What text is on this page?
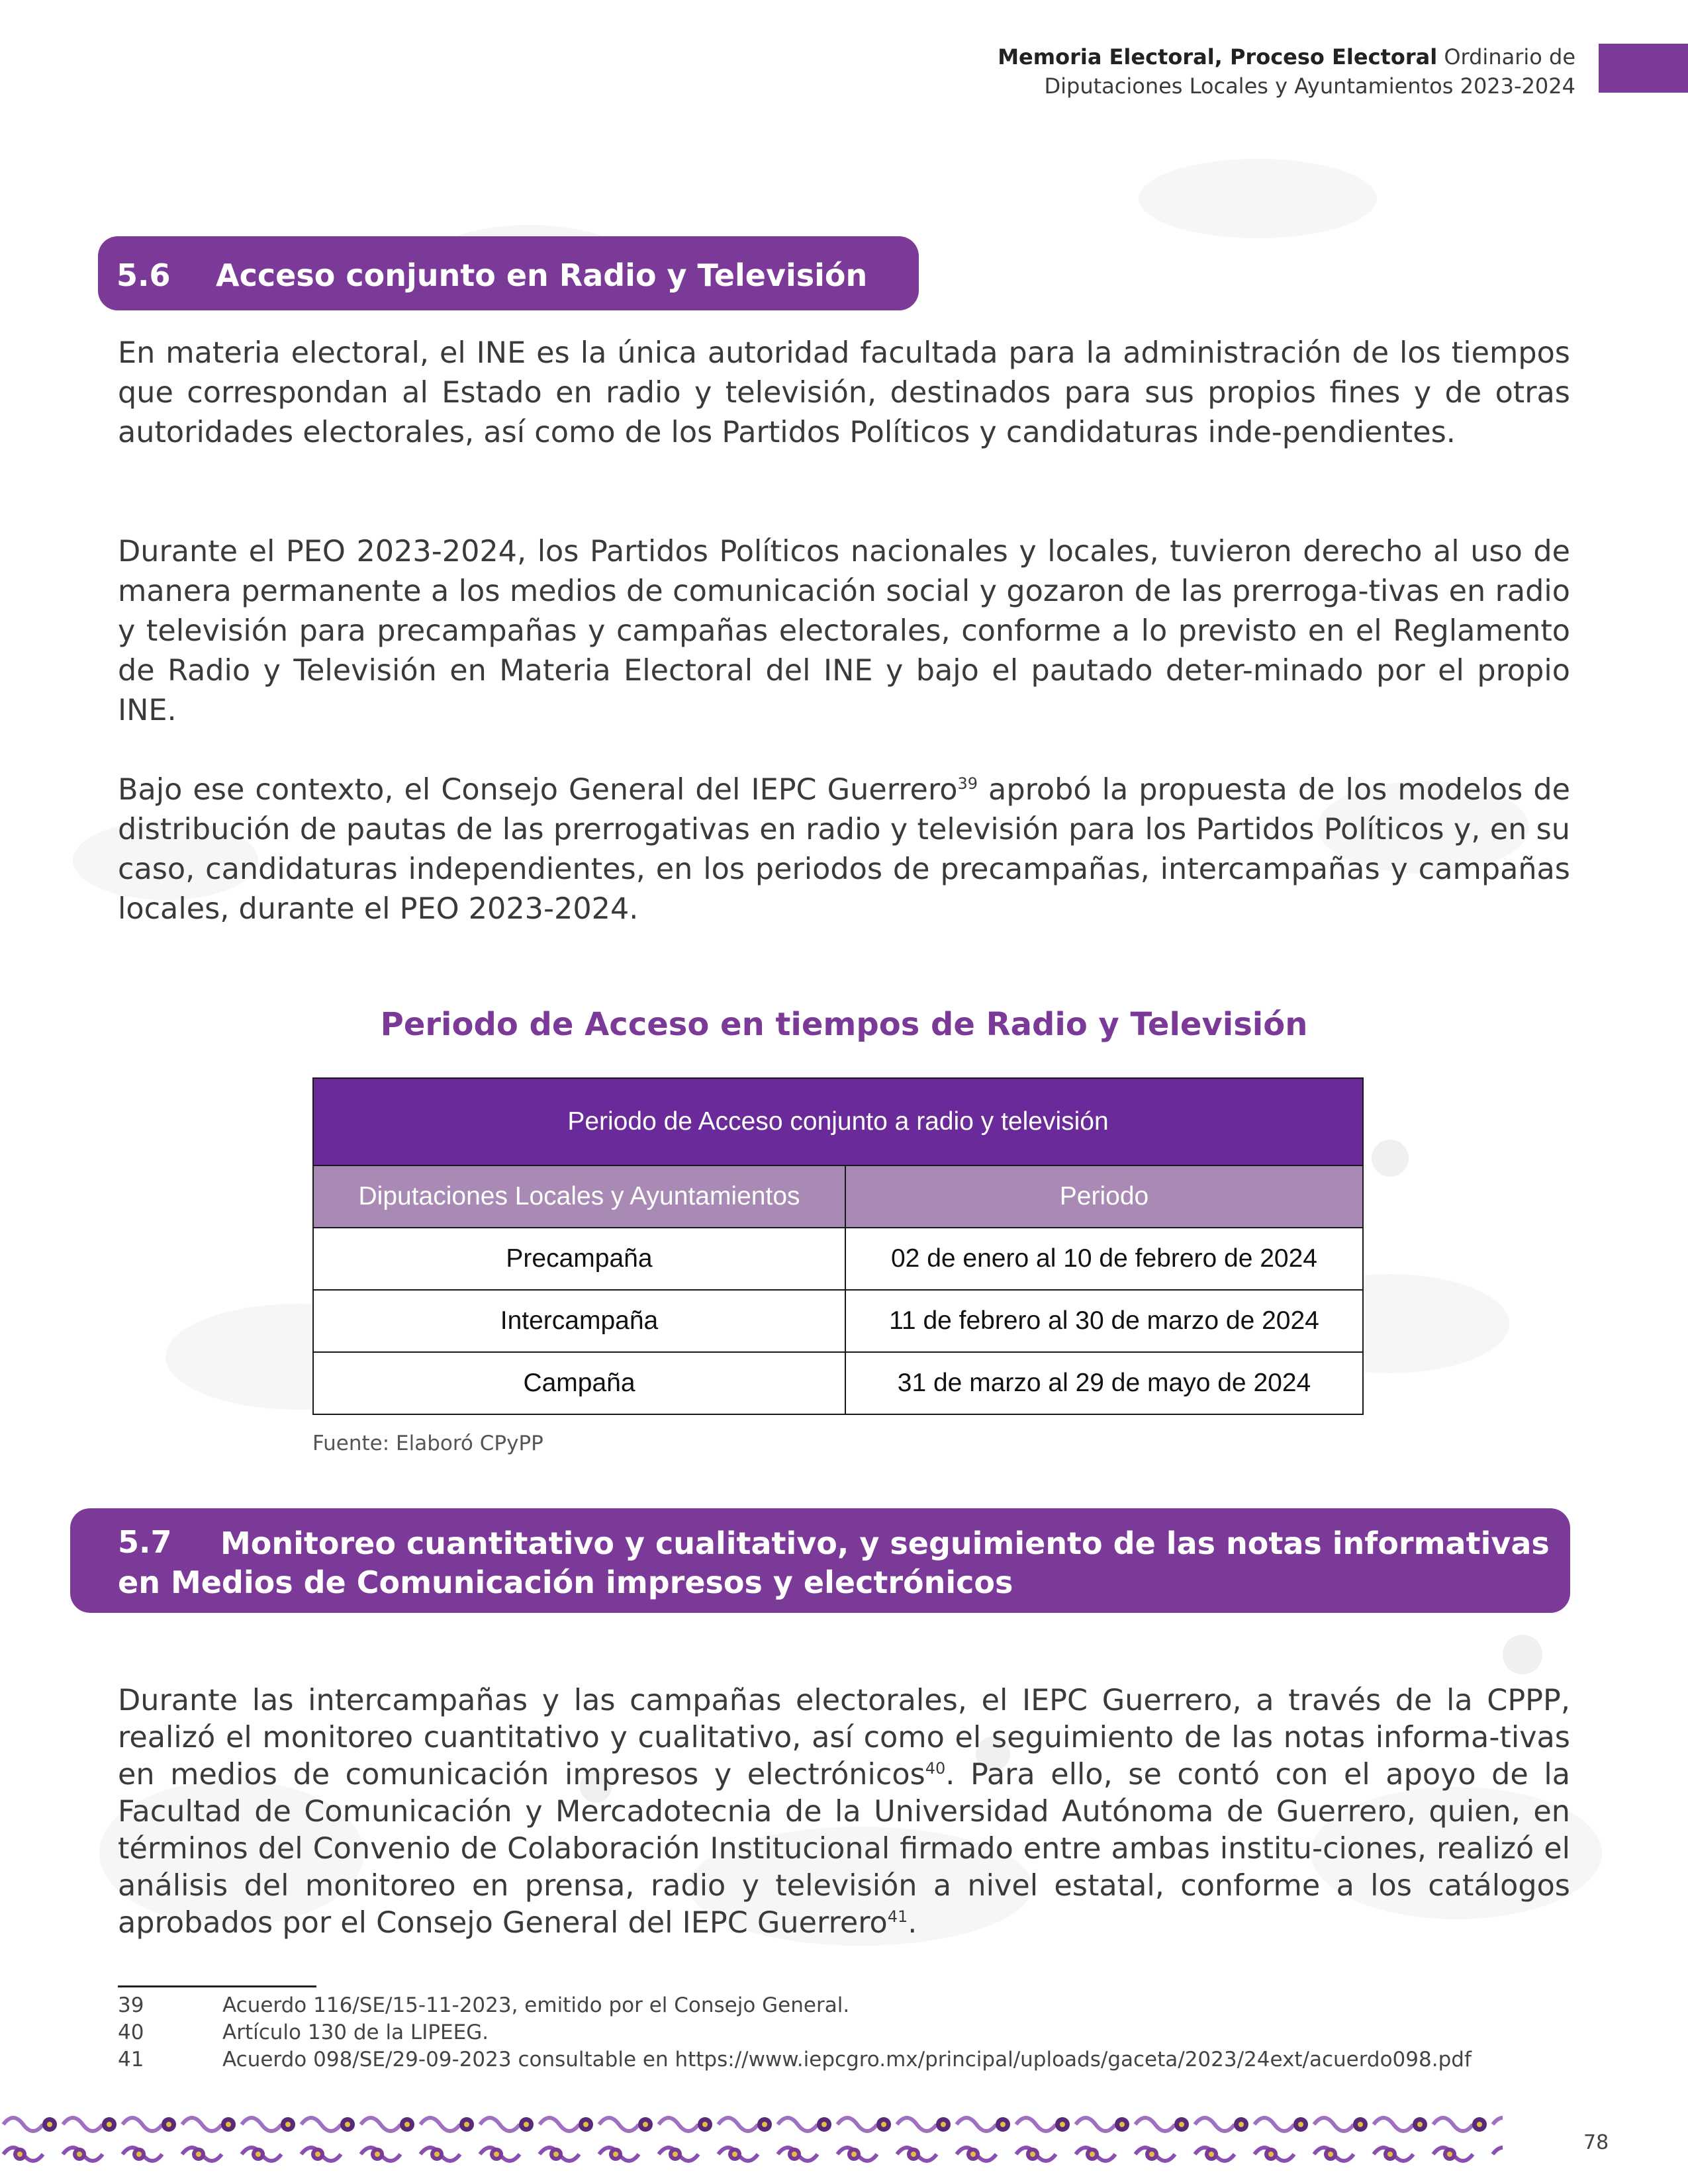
Memoria Electoral, Proceso Electoral Ordinario de
Diputaciones Locales y Ayuntamientos 2023-2024
5.6 Acceso conjunto en Radio y Televisión

En materia electoral, el INE es la única autoridad facultada para la administración de los tiempos que correspondan al Estado en radio y televisión, destinados para sus propios fines y de otras autoridades electorales, así como de los Partidos Políticos y candidaturas inde-pendientes.

Durante el PEO 2023-2024, los Partidos Políticos nacionales y locales, tuvieron derecho al uso de manera permanente a los medios de comunicación social y gozaron de las prerroga-tivas en radio y televisión para precampañas y campañas electorales, conforme a lo previsto en el Reglamento de Radio y Televisión en Materia Electoral del INE y bajo el pautado deter-minado por el propio INE.

Bajo ese contexto, el Consejo General del IEPC Guerrero$^{39}$ aprobó la propuesta de los modelos de distribución de pautas de las prerrogativas en radio y televisión para los Partidos Políticos y, en su caso, candidaturas independientes, en los periodos de precampañas, intercampañas y campañas locales, durante el PEO 2023-2024.

Periodo de Acceso en tiempos de Radio y Televisión
Periodo de Acceso conjunto a radio y televisión	
Diputaciones Locales y Ayuntamientos	Periodo
Precampaña	02 de enero al 10 de febrero de 2024
Intercampaña	11 de febrero al 30 de marzo de 2024
Campaña	31 de marzo al 29 de mayo de 2024
Fuente: Elaboró CPyPP
5.7	Monitoreo cuantitativo y cualitativo, y seguimiento de las notas informativas en Medios de Comunicación impresos y electrónicos

Durante las intercampañas y las campañas electorales, el IEPC Guerrero, a través de la CPPP, realizó el monitoreo cuantitativo y cualitativo, así como el seguimiento de las notas informa-tivas en medios de comunicación impresos y electrónicos$^{40}$. Para ello, se contó con el apoyo de la Facultad de Comunicación y Mercadotecnia de la Universidad Autónoma de Guerrero, quien, en términos del Convenio de Colaboración Institucional firmado entre ambas institu-ciones, realizó el análisis del monitoreo en prensa, radio y televisión a nivel estatal, conforme a los catálogos aprobados por el Consejo General del IEPC Guerrero$^{41}$.

39	Acuerdo 116/SE/15-11-2023, emitido por el Consejo General.
40	Artículo 130 de la LIPEEG.
41	Acuerdo 098/SE/29-09-2023 consultable en https://www.iepcgro.mx/principal/uploads/gaceta/2023/24ext/acuerdo098.pdf
78
